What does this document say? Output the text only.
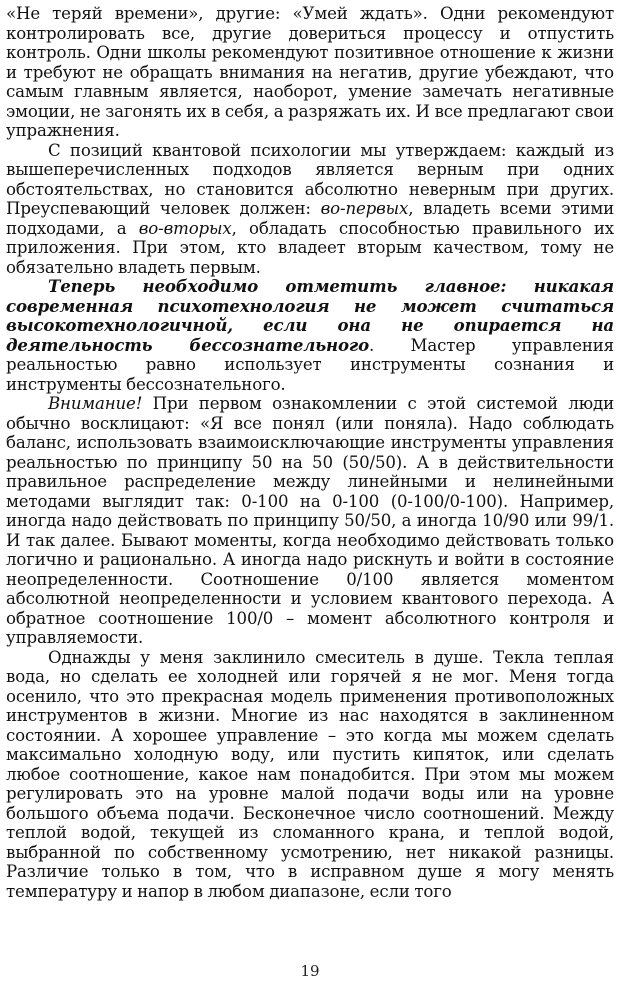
«Не теряй времени», другие: «Умей ждать». Одни рекомендуют контролировать все, другие довериться процессу и отпустить контроль. Одни школы рекомендуют позитивное отношение к жизни и требуют не обращать внимания на негатив, другие убеждают, что самым главным является, наоборот, умение замечать негативные эмоции, не загонять их в себя, а разряжать их. И все предлагают свои упражнения.

С позиций квантовой психологии мы утверждаем: каждый из вышеперечисленных подходов является верным при одних обстоятельствах, но становится абсолютно неверным при других. Преуспевающий человек должен: во-первых, владеть всеми этими подходами, а во-вторых, обладать способностью правильного их приложения. При этом, кто владеет вторым качеством, тому не обязательно владеть первым.

Теперь необходимо отметить главное: никакая современная психотехнология не может считаться высокотехнологичной, если она не опирается на деятельность бессознательного. Мастер управления реальностью равно использует инструменты сознания и инструменты бессознательного.

Внимание! При первом ознакомлении с этой системой люди обычно восклицают: «Я все понял (или поняла). Надо соблюдать баланс, использовать взаимоисключающие инструменты управления реальностью по принципу 50 на 50 (50/50). А в действительности правильное распределение между линейными и нелинейными методами выглядит так: 0-100 на 0-100 (0-100/0-100). Например, иногда надо действовать по принципу 50/50, а иногда 10/90 или 99/1. И так далее. Бывают моменты, когда необходимо действовать только логично и рационально. А иногда надо рискнуть и войти в состояние неопределенности. Соотношение 0/100 является моментом абсолютной неопределенности и условием квантового перехода. А обратное соотношение 100/0 – момент абсолютного контроля и управляемости.

Однажды у меня заклинило смеситель в душе. Текла теплая вода, но сделать ее холодней или горячей я не мог. Меня тогда осенило, что это прекрасная модель применения противоположных инструментов в жизни. Многие из нас находятся в заклиненном состоянии. А хорошее управление – это когда мы можем сделать максимально холодную воду, или пустить кипяток, или сделать любое соотношение, какое нам понадобится. При этом мы можем регулировать это на уровне малой подачи воды или на уровне большого объема подачи. Бесконечное число соотношений. Между теплой водой, текущей из сломанного крана, и теплой водой, выбранной по собственному усмотрению, нет никакой разницы. Различие только в том, что в исправном душе я могу менять температуру и напор в любом диапазоне, если того

19
